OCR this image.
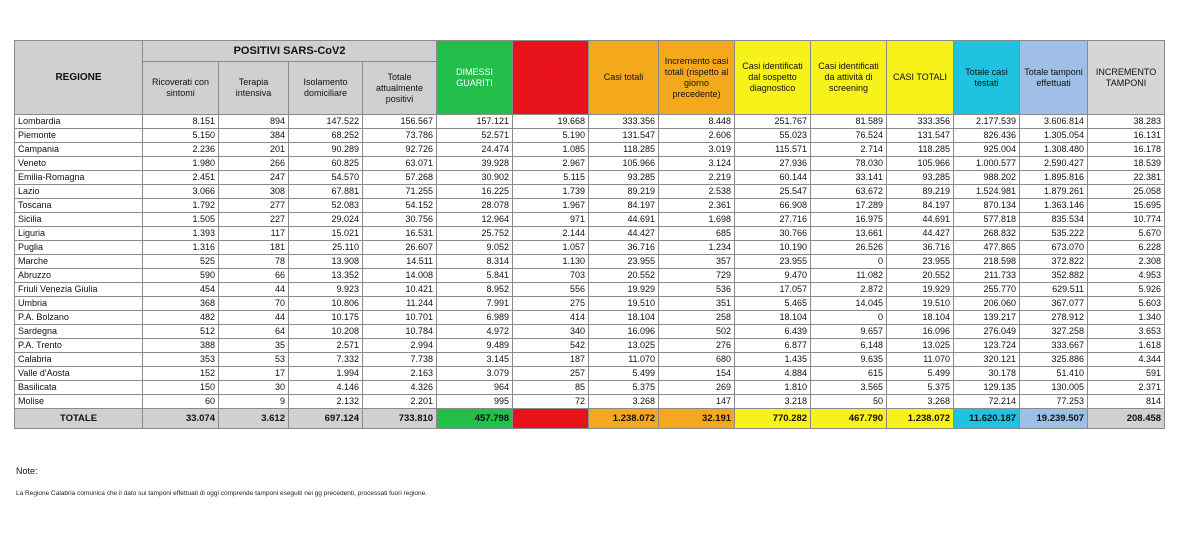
REGIONE	POSITIVI SARS-CoV2				DIMESSI GUARITI	Deceduti	Casi totali	Incremento casi totali (rispetto al giorno precedente)	Casi identificati dal sospetto diagnostico	Casi identificati da attività di screening	CASI TOTALI	Totale casi testati	Totale tamponi effettuati	INCREMENTO TAMPONI
	Ricoverati con sintomi	Terapia intensiva	Isolamento domiciliare	Totale attualmente positivi										
Lombardia	8.151	894	147.522	156.567	157.121	19.668	333.356	8.448	251.767	81.589	333.356	2.177.539	3.606.814	38.283
Piemonte	5.150	384	68.252	73.786	52.571	5.190	131.547	2.606	55.023	76.524	131.547	826.436	1.305.054	16.131
Campania	2.236	201	90.289	92.726	24.474	1.085	118.285	3.019	115.571	2.714	118.285	925.004	1.308.480	16.178
Veneto	1.980	266	60.825	63.071	39.928	2.967	105.966	3.124	27.936	78.030	105.966	1.000.577	2.590.427	18.539
Emilia-Romagna	2.451	247	54.570	57.268	30.902	5.115	93.285	2.219	60.144	33.141	93.285	988.202	1.895.816	22.381
Lazio	3.066	308	67.881	71.255	16.225	1.739	89.219	2.538	25.547	63.672	89.219	1.524.981	1.879.261	25.058
Toscana	1.792	277	52.083	54.152	28.078	1.967	84.197	2.361	66.908	17.289	84.197	870.134	1.363.146	15.695
Sicilia	1.505	227	29.024	30.756	12.964	971	44.691	1.698	27.716	16.975	44.691	577.818	835.534	10.774
Liguria	1.393	117	15.021	16.531	25.752	2.144	44.427	685	30.766	13.661	44.427	268.832	535.222	5.670
Puglia	1.316	181	25.110	26.607	9.052	1.057	36.716	1.234	10.190	26.526	36.716	477.865	673.070	6.228
Marche	525	78	13.908	14.511	8.314	1.130	23.955	357	23.955	0	23.955	218.598	372.822	2.308
Abruzzo	590	66	13.352	14.008	5.841	703	20.552	729	9.470	11.082	20.552	211.733	352.882	4.953
Friuli Venezia Giulia	454	44	9.923	10.421	8.952	556	19.929	536	17.057	2.872	19.929	255.770	629.511	5.926
Umbria	368	70	10.806	11.244	7.991	275	19.510	351	5.465	14.045	19.510	206.060	367.077	5.603
P.A. Bolzano	482	44	10.175	10.701	6.989	414	18.104	258	18.104	0	18.104	139.217	278.912	1.340
Sardegna	512	64	10.208	10.784	4.972	340	16.096	502	6.439	9.657	16.096	276.049	327.258	3.653
P.A. Trento	388	35	2.571	2.994	9.489	542	13.025	276	6.877	6.148	13.025	123.724	333.667	1.618
Calabria	353	53	7.332	7.738	3.145	187	11.070	680	1.435	9.635	11.070	320.121	325.886	4.344
Valle d'Aosta	152	17	1.994	2.163	3.079	257	5.499	154	4.884	615	5.499	30.178	51.410	591
Basilicata	150	30	4.146	4.326	964	85	5.375	269	1.810	3.565	5.375	129.135	130.005	2.371
Molise	60	9	2.132	2.201	995	72	3.268	147	3.218	50	3.268	72.214	77.253	814
TOTALE	33.074	3.612	697.124	733.810	457.798		1.238.072	32.191	770.282	467.790	1.238.072	11.620.187	19.239.507	208.458
Note:
La Regione Calabria comunica che il dato sui tamponi effettuati di oggi comprende tamponi eseguiti nei gg precedenti, processati fuori regione.
